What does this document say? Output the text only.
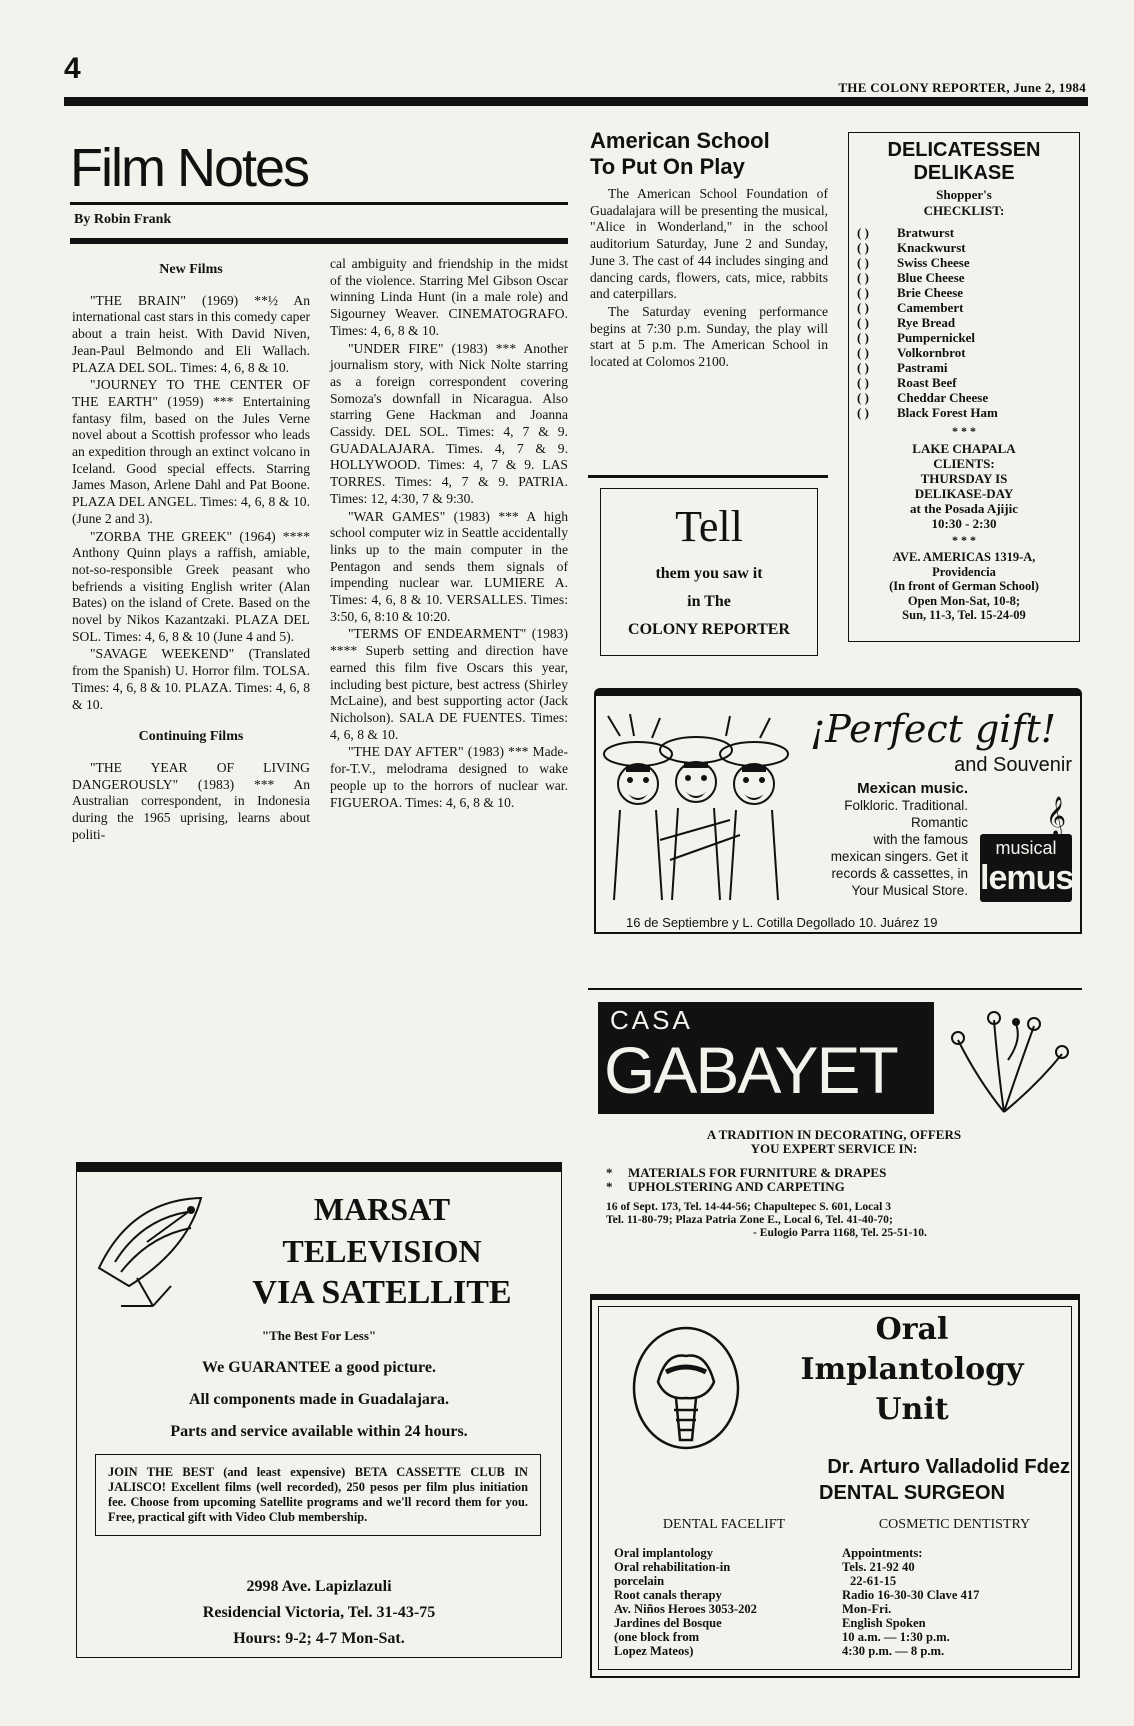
4
THE COLONY REPORTER, June 2, 1984
Film Notes
By Robin Frank
New Films

"THE BRAIN" (1969) **½ An international cast stars in this comedy caper about a train heist. With David Niven, Jean-Paul Belmondo and Eli Wallach. PLAZA DEL SOL. Times: 4, 6, 8 & 10.

"JOURNEY TO THE CENTER OF THE EARTH" (1959) *** Entertaining fantasy film, based on the Jules Verne novel about a Scottish professor who leads an expedition through an extinct volcano in Iceland. Good special effects. Starring James Mason, Arlene Dahl and Pat Boone. PLAZA DEL ANGEL. Times: 4, 6, 8 & 10. (June 2 and 3).

"ZORBA THE GREEK" (1964) **** Anthony Quinn plays a raffish, amiable, not-so-responsible Greek peasant who befriends a visiting English writer (Alan Bates) on the island of Crete. Based on the novel by Nikos Kazantzaki. PLAZA DEL SOL. Times: 4, 6, 8 & 10 (June 4 and 5).

"SAVAGE WEEKEND" (Translated from the Spanish) U. Horror film. TOLSA. Times: 4, 6, 8 & 10. PLAZA. Times: 4, 6, 8 & 10.

Continuing Films

"THE YEAR OF LIVING DANGEROUSLY" (1983) *** An Australian correspondent, in Indonesia during the 1965 uprising, learns about politi-

cal ambiguity and friendship in the midst of the violence. Starring Mel Gibson Oscar winning Linda Hunt (in a male role) and Sigourney Weaver. CINEMATOGRAFO. Times: 4, 6, 8 & 10.

"UNDER FIRE" (1983) *** Another journalism story, with Nick Nolte starring as a foreign correspondent covering Somoza's downfall in Nicaragua. Also starring Gene Hackman and Joanna Cassidy. DEL SOL. Times: 4, 7 & 9. GUADALAJARA. Times. 4, 7 & 9. HOLLYWOOD. Times: 4, 7 & 9. LAS TORRES. Times: 4, 7 & 9. PATRIA. Times: 12, 4:30, 7 & 9:30.

"WAR GAMES" (1983) *** A high school computer wiz in Seattle accidentally links up to the main computer in the Pentagon and sends them signals of impending nuclear war. LUMIERE A. Times: 4, 6, 8 & 10. VERSALLES. Times: 3:50, 6, 8:10 & 10:20.

"TERMS OF ENDEARMENT" (1983) **** Superb setting and direction have earned this film five Oscars this year, including best picture, best actress (Shirley McLaine), and best supporting actor (Jack Nicholson). SALA DE FUENTES. Times: 4, 6, 8 & 10.

"THE DAY AFTER" (1983) *** Made-for-T.V., melodrama designed to wake people up to the horrors of nuclear war. FIGUEROA. Times: 4, 6, 8 & 10.

American School
To Put On Play

The American School Foundation of Guadalajara will be presenting the musical, "Alice in Wonderland," in the school auditorium Saturday, June 2 and Sunday, June 3. The cast of 44 includes singing and dancing cards, flowers, cats, mice, rabbits and caterpillars.

The Saturday evening performance begins at 7:30 p.m. Sunday, the play will start at 5 p.m. The American School in located at Colomos 2100.

Tell
them you saw it
in The
COLONY REPORTER
DELICATESSEN
DELIKASE
Shopper's
CHECKLIST:
( ) Bratwurst
( ) Knackwurst
( ) Swiss Cheese
( ) Blue Cheese
( ) Brie Cheese
( ) Camembert
( ) Rye Bread
( ) Pumpernickel
( ) Volkornbrot
( ) Pastrami
( ) Roast Beef
( ) Cheddar Cheese
( ) Black Forest Ham
* * *
LAKE CHAPALA
CLIENTS:
THURSDAY IS
DELIKASE-DAY
at the Posada Ajijic
10:30 - 2:30
* * *
AVE. AMERICAS 1319-A,
Providencia
(In front of German School)
Open Mon-Sat, 10-8;
Sun, 11-3, Tel. 15-24-09
¡Perfect gift!
and Souvenir
Mexican music.
Folkloric. Traditional.
Romantic
with the famous
mexican singers. Get it
records & cassettes, in
Your Musical Store.
musical
lemus
𝄞
16 de Septiembre y L. Cotilla Degollado 10. Juárez 19
CASA
GABAYET
A TRADITION IN DECORATING, OFFERS
YOU EXPERT SERVICE IN:
* MATERIALS FOR FURNITURE & DRAPES
* UPHOLSTERING AND CARPETING
16 of Sept. 173, Tel. 14-44-56; Chapultepec S. 601, Local 3
Tel. 11-80-79; Plaza Patria Zone E., Local 6, Tel. 41-40-70;
- Eulogio Parra 1168, Tel. 25-51-10.
MARSAT
TELEVISION
VIA SATELLITE
"The Best For Less"
We GUARANTEE a good picture.
All components made in Guadalajara.
Parts and service available within 24 hours.
JOIN THE BEST (and least expensive) BETA CASSETTE CLUB IN JALISCO! Excellent films (well recorded), 250 pesos per film plus initiation fee. Choose from upcoming Satellite programs and we'll record them for you. Free, practical gift with Video Club membership.
2998 Ave. Lapizlazuli
Residencial Victoria, Tel. 31-43-75
Hours: 9-2; 4-7 Mon-Sat.
Oral
Implantology
Unit
Dr. Arturo Valladolid Fdez
DENTAL SURGEON
DENTAL FACELIFT
Oral implantology
Oral rehabilitation-in
porcelain
Root canals therapy
Av. Niños Heroes 3053-202
Jardines del Bosque
(one block from
Lopez Mateos)
COSMETIC DENTISTRY
Appointments:
Tels. 21-92 40
22-61-15
Radio 16-30-30 Clave 417
Mon-Fri.
English Spoken
10 a.m. — 1:30 p.m.
4:30 p.m. — 8 p.m.
